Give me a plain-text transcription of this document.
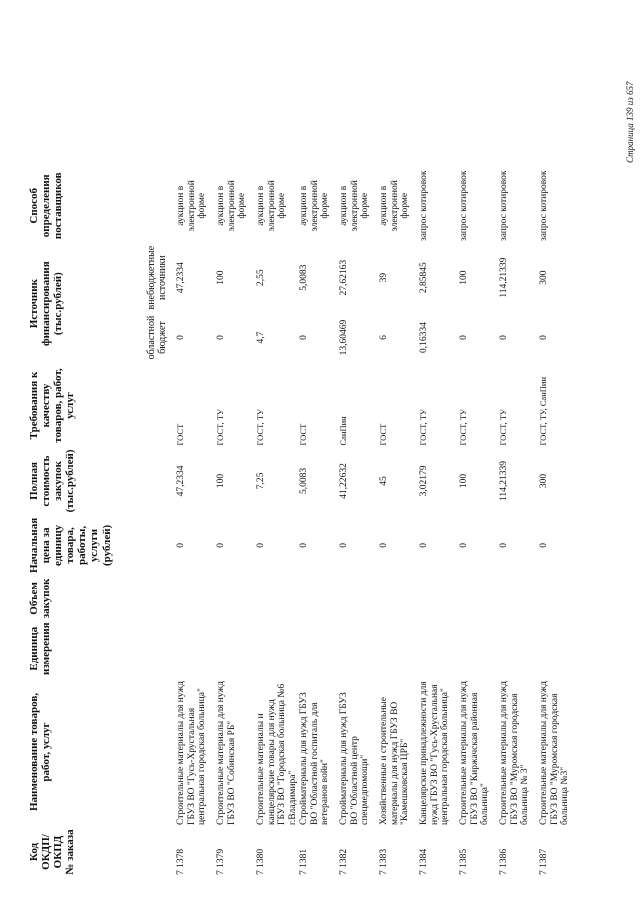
Код ОКДП/ ОКПД № заказа	Наименование товаров, работ, услуг	Единица измерения	Объем закупок	Начальная цена за единицу товара, работы, услуги (рублей)	Полная стоимость закупок (тыс.рублей)	Требования к качеству товаров, работ, услуг	Источник финансирования (тыс.рублей)		Способ определения поставщиков
							областной бюджет	внебюджетные источники	
7 1378	Строительные материалы для нужд ГБУЗ ВО "Гусь-Хрустальная центральная городская больница"			0	47,2334	ГОСТ	0	47,2334	аукцион в электронной форме
7 1379	Строительные материалы для нужд ГБУЗ ВО "Собинская РБ"			0	100	ГОСТ, ТУ	0	100	аукцион в электронной форме
7 1380	Строительные материалы и канцелярские товары для нужд ГБУЗ ВО "Городская больница №6 г.Владимира"			0	7,25	ГОСТ, ТУ	4,7	2,55	аукцион в электронной форме
7 1381	Стройматериалы для нужд ГБУЗ ВО "Областной госпиталь для ветеранов войн"			0	5,0083	ГОСТ	0	5,0083	аукцион в электронной форме
7 1382	Стройматериалы для нужд ГБУЗ ВО "Областной центр спецмедпомощи"			0	41,22632	СанПин	13,60469	27,62163	аукцион в электронной форме
7 1383	Хозяйственные и строительные материалы для нужд ГБУЗ ВО "Камешковская ЦРБ"			0	45	ГОСТ	6	39	аукцион в электронной форме
7 1384	Канцелярские принадлежности для нужд ГБУЗ ВО "Гусь-Хрустальная центральная городская больница"			0	3,02179	ГОСТ, ТУ	0,16334	2,85845	запрос котировок
7 1385	Строительные материалы для нужд ГБУЗ ВО "Киржачская районная больница"			0	100	ГОСТ, ТУ	0	100	запрос котировок
7 1386	Строительные материалы для нужд ГБУЗ ВО "Муромская городская больница № 3"			0	114,21339	ГОСТ, ТУ	0	114,21339	запрос котировок
7 1387	Строительные материалы для нужд ГБУЗ ВО "Муромская городская больница №3"			0	300	ГОСТ, ТУ, СанПин	0	300	запрос котировок
Страница 139 из 657
